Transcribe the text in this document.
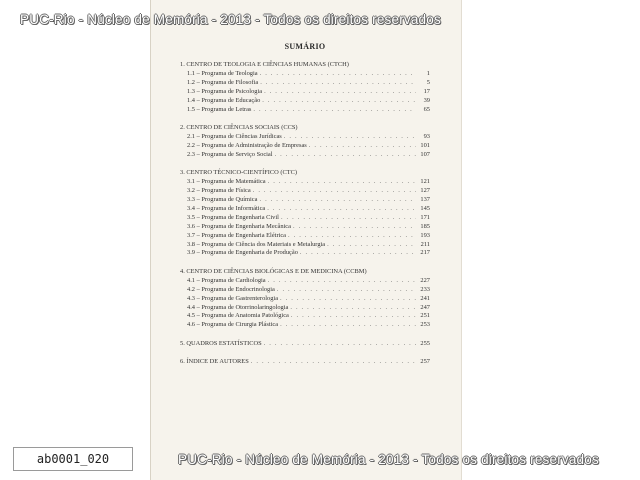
PUC-Rio - Núcleo de Memória - 2013 - Todos os direitos reservados
SUMÁRIO
1. CENTRO DE TEOLOGIA E CIÊNCIAS HUMANAS (CTCH)
1.1 – Programa de Teologia . . .	1
1.2 – Programa de Filosofia . . .	5
1.3 – Programa de Psicologia . . .	17
1.4 – Programa de Educação . . .	39
1.5 – Programa de Letras . . .	65
2. CENTRO DE CIÊNCIAS SOCIAIS (CCS)
2.1 – Programa de Ciências Jurídicas . . .	93
2.2 – Programa de Administração de Empresas . . .	101
2.3 – Programa de Serviço Social . . .	107
3. CENTRO TÉCNICO-CIENTÍFICO (CTC)
3.1 – Programa de Matemática . . .	121
3.2 – Programa de Física . . .	127
3.3 – Programa de Química . . .	137
3.4 – Programa de Informática . . .	145
3.5 – Programa de Engenharia Civil . . .	171
3.6 – Programa de Engenharia Mecânica . . .	185
3.7 – Programa de Engenharia Elétrica . . .	193
3.8 – Programa de Ciência dos Materiais e Metalurgia . . .	211
3.9 – Programa de Engenharia de Produção . . .	217
4. CENTRO DE CIÊNCIAS BIOLÓGICAS E DE MEDICINA (CCBM)
4.1 – Programa de Cardiologia . . .	227
4.2 – Programa de Endocrinologia . . .	233
4.3 – Programa de Gastrenterologia . . .	241
4.4 – Programa de Otorrinolaringologia . . .	247
4.5 – Programa de Anatomia Patológica . . .	251
4.6 – Programa de Cirurgia Plástica . . .	253
5. QUADROS ESTATÍSTICOS . . .	255
6. ÍNDICE DE AUTORES . . .	257
PUC-Rio - Núcleo de Memória - 2013 - Todos os direitos reservados
ab0001_020
